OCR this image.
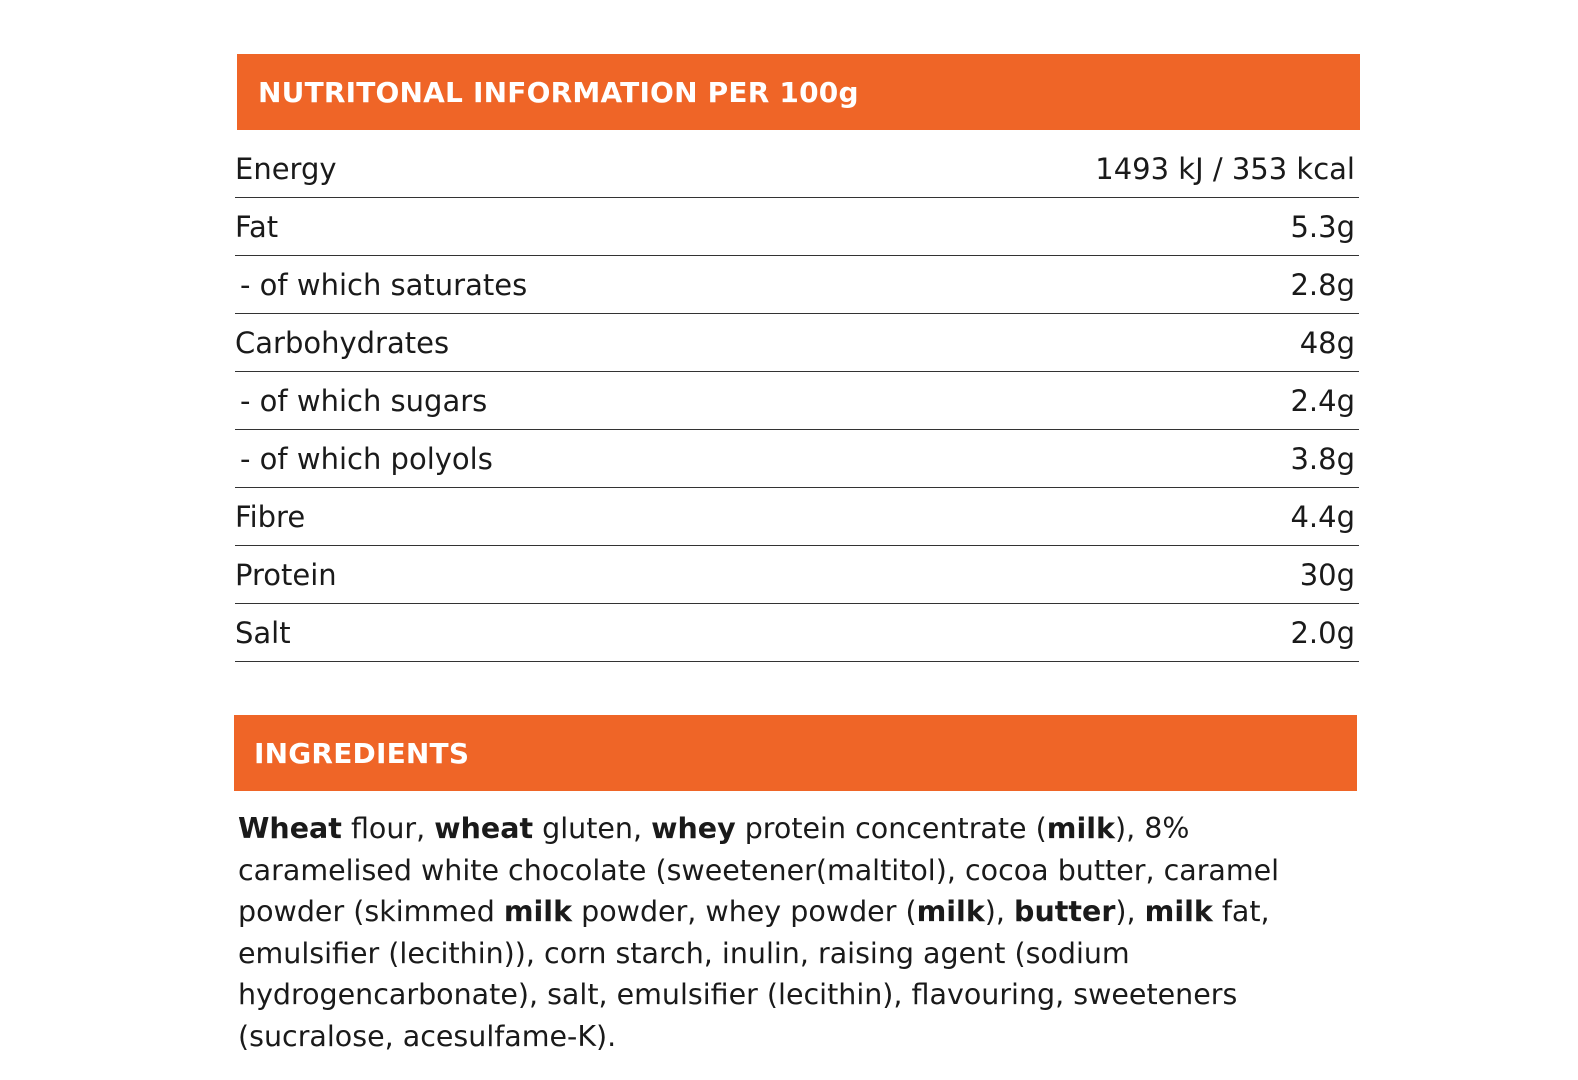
NUTRITONAL INFORMATION PER 100g
Energy	1493 kJ / 353 kcal
Fat	5.3g
- of which saturates	2.8g
Carbohydrates	48g
- of which sugars	2.4g
- of which polyols	3.8g
Fibre	4.4g
Protein	30g
Salt	2.0g
INGREDIENTS
Wheat flour, wheat gluten, whey protein concentrate (milk), 8% caramelised white chocolate (sweetener(maltitol), cocoa butter, caramel powder (skimmed milk powder, whey powder (milk), butter), milk fat, emulsifier (lecithin)), corn starch, inulin, raising agent (sodium hydrogencarbonate), salt, emulsifier (lecithin), flavouring, sweeteners (sucralose, acesulfame-K).
